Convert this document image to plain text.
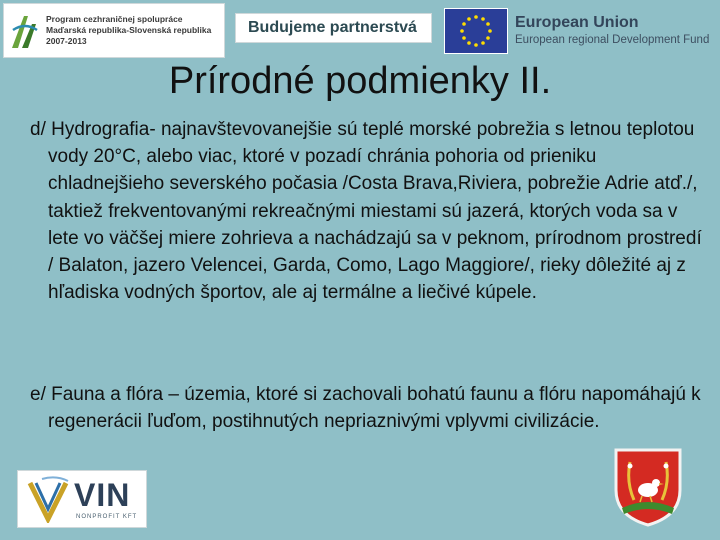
Program cezhraničnej spolupráce
Maďarská republika-Slovenská republika
2007-2013
Budujeme partnerstvá	European Union
European regional Development Fund
Prírodné podmienky II.

d/ Hydrografia- najnavštevovanejšie sú teplé morské pobrežia s letnou teplotou vody 20°C, alebo viac, ktoré v pozadí chránia pohoria od prieniku chladnejšieho severského počasia /Costa Brava,Riviera, pobrežie Adrie atď./, taktiež frekventovanými rekreačnými miestami sú jazerá, ktorých voda sa v lete vo väčšej miere zohrieva a nachádzajú sa v peknom, prírodnom prostredí / Balaton, jazero Velencei, Garda, Como, Lago Maggiore/, rieky dôležité aj z hľadiska vodných športov, ale aj termálne a liečivé kúpele.

e/ Fauna a flóra – územia, ktoré si zachovali bohatú faunu a flóru napomáhajú k regenerácii ľuďom, postihnutých nepriaznivými vplyvmi civilizácie.

VIN
NONPROFIT KFT
